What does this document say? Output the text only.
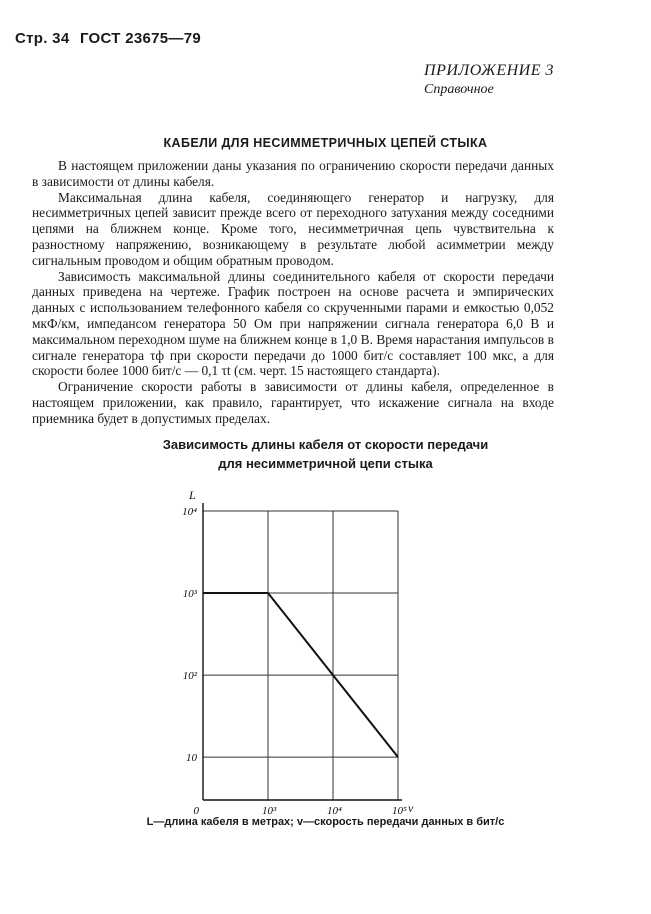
Стр. 34 ГОСТ 23675—79
ПРИЛОЖЕНИЕ 3
Справочное
КАБЕЛИ ДЛЯ НЕСИММЕТРИЧНЫХ ЦЕПЕЙ СТЫКА

В настоящем приложении даны указания по ограничению скорости передачи данных в зависимости от длины кабеля.

Максимальная длина кабеля, соединяющего генератор и нагрузку, для несимметричных цепей зависит прежде всего от переходного затухания между соседними цепями на ближнем конце. Кроме того, несимметричная цепь чувствительна к разностному напряжению, возникающему в результате любой асимметрии между сигнальным проводом и общим обратным проводом.

Зависимость максимальной длины соединительного кабеля от скорости передачи данных приведена на чертеже. График построен на основе расчета и эмпирических данных с использованием телефонного кабеля со скрученными парами и емкостью 0,052 мкФ/км, импедансом генератора 50 Ом при напряжении сигнала генератора 6,0 В и максимальном переходном шуме на ближнем конце в 1,0 В. Время нарастания импульсов в сигнале генератора τф при скорости передачи до 1000 бит/с составляет 100 мкс, а для скорости более 1000 бит/с — 0,1 τt (см. черт. 15 настоящего стандарта).

Ограничение скорости работы в зависимости от длины кабеля, определенное в настоящем приложении, как правило, гарантирует, что искажение сигнала на входе приемника будет в допустимых пределах.

Зависимость длины кабеля от скорости передачи
для несимметричной цепи стыка
10³	10⁴	10⁵
10
10²
10³
10⁴
0	v
L
L—длина кабеля в метрах; v—скорость передачи данных в бит/с
